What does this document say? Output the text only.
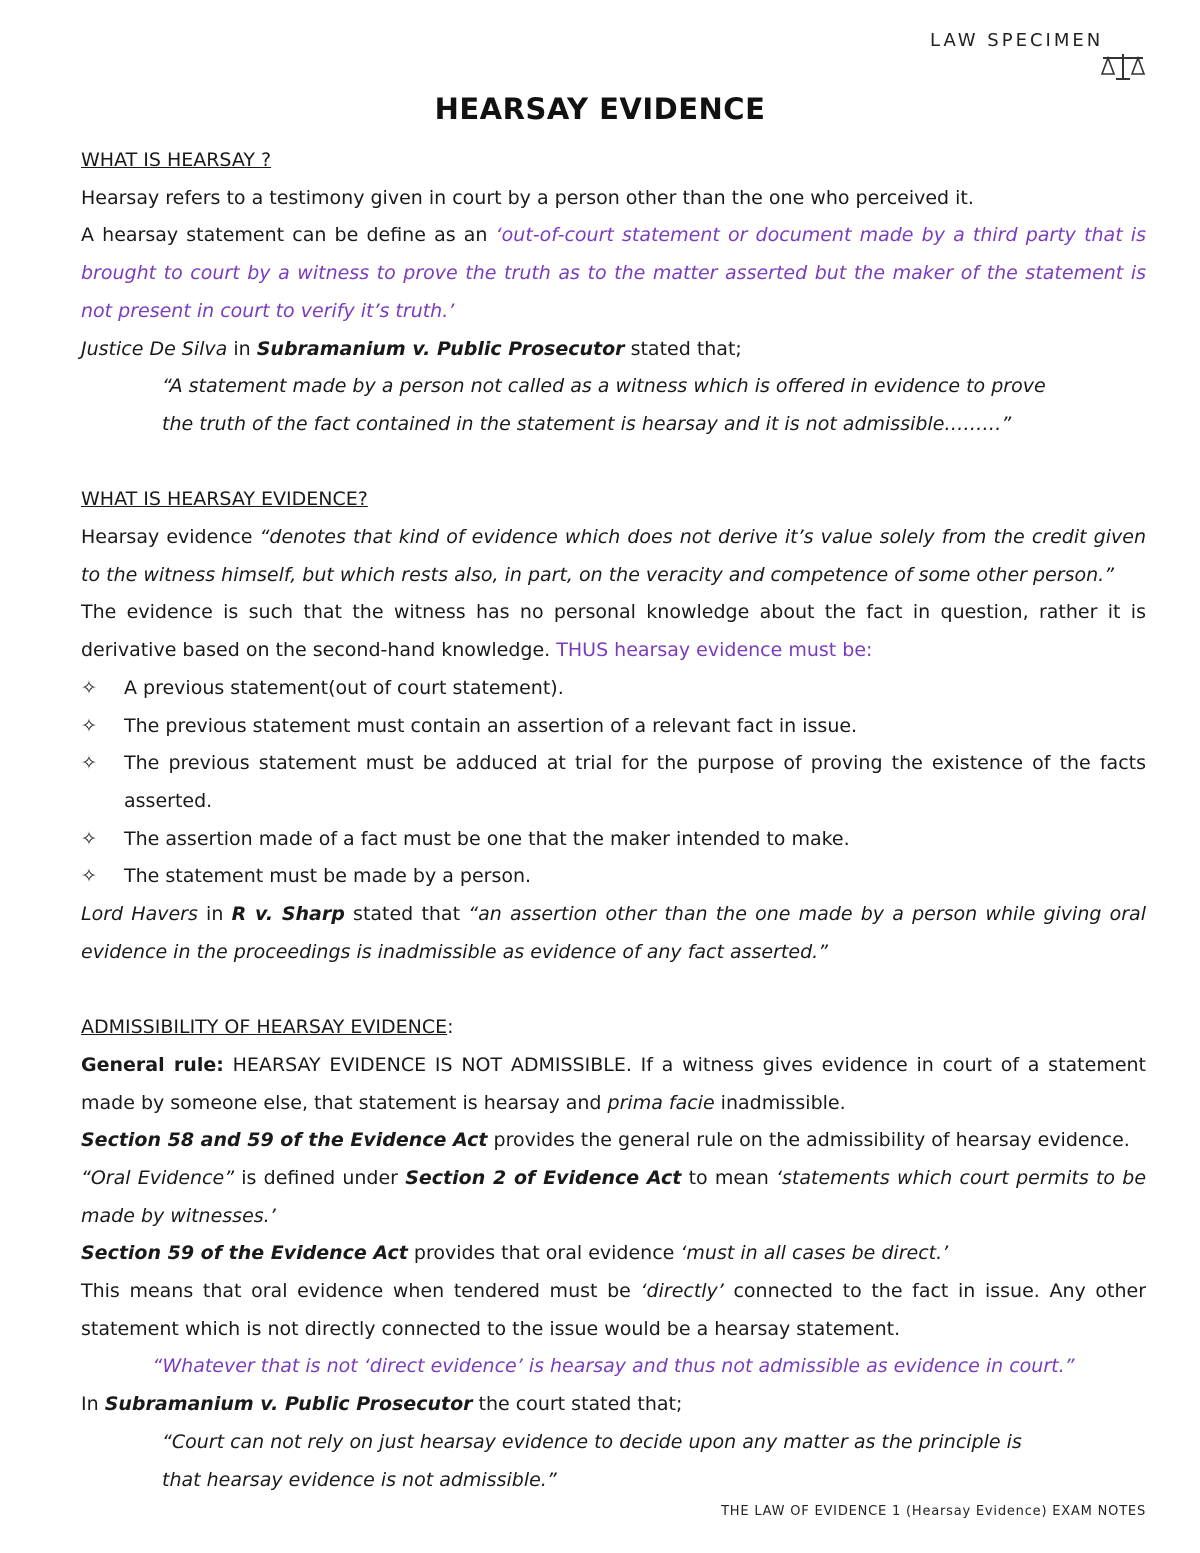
LAW SPECIMEN
HEARSAY EVIDENCE

WHAT IS HEARSAY ?

Hearsay refers to a testimony given in court by a person other than the one who perceived it.

A hearsay statement can be define as an ‘out-of-court statement or document made by a third party that is brought to court by a witness to prove the truth as to the matter asserted but the maker of the statement is not present in court to verify it’s truth.’

Justice De Silva in Subramanium v. Public Prosecutor stated that;

“A statement made by a person not called as a witness which is offered in evidence to prove

the truth of the fact contained in the statement is hearsay and it is not admissible………”

WHAT IS HEARSAY EVIDENCE?

Hearsay evidence “denotes that kind of evidence which does not derive it’s value solely from the credit given to the witness himself, but which rests also, in part, on the veracity and competence of some other person.”

The evidence is such that the witness has no personal knowledge about the fact in question, rather it is derivative based on the second-hand knowledge. THUS hearsay evidence must be:

✧ A previous statement(out of court statement).
✧ The previous statement must contain an assertion of a relevant fact in issue.
✧ The previous statement must be adduced at trial for the purpose of proving the existence of the facts asserted.
✧ The assertion made of a fact must be one that the maker intended to make.
✧ The statement must be made by a person.

Lord Havers in R v. Sharp stated that “an assertion other than the one made by a person while giving oral evidence in the proceedings is inadmissible as evidence of any fact asserted.”

ADMISSIBILITY OF HEARSAY EVIDENCE:

General rule: HEARSAY EVIDENCE IS NOT ADMISSIBLE. If a witness gives evidence in court of a statement made by someone else, that statement is hearsay and prima facie inadmissible.

Section 58 and 59 of the Evidence Act provides the general rule on the admissibility of hearsay evidence.

“Oral Evidence” is defined under Section 2 of Evidence Act to mean ‘statements which court permits to be made by witnesses.’

Section 59 of the Evidence Act provides that oral evidence ‘must in all cases be direct.’

This means that oral evidence when tendered must be ‘directly’ connected to the fact in issue. Any other statement which is not directly connected to the issue would be a hearsay statement.

“Whatever that is not ‘direct evidence’ is hearsay and thus not admissible as evidence in court.”

In Subramanium v. Public Prosecutor the court stated that;

“Court can not rely on just hearsay evidence to decide upon any matter as the principle is

that hearsay evidence is not admissible.”

THE LAW OF EVIDENCE 1 (Hearsay Evidence) EXAM NOTES
